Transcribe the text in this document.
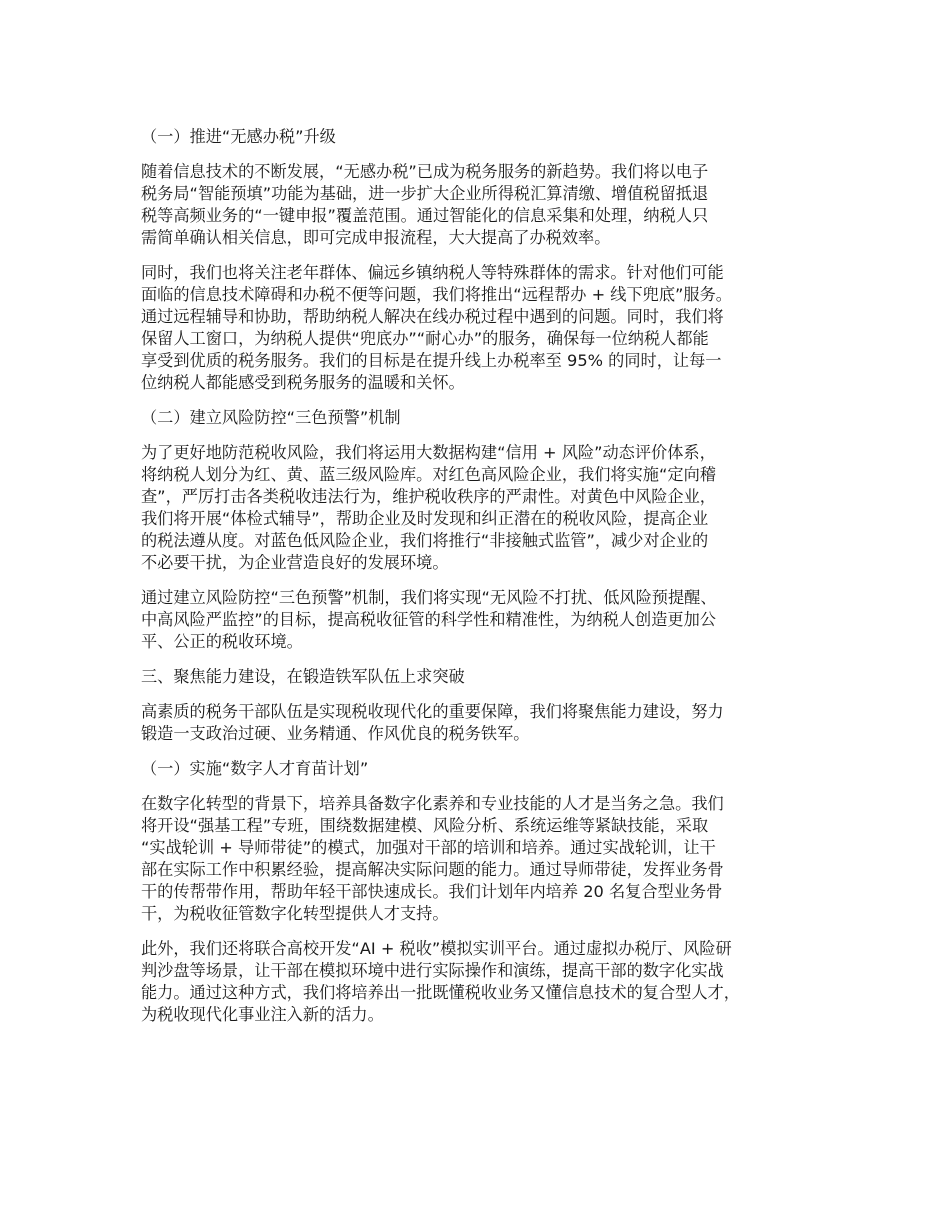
（一）推进“无感办税”升级
随着信息技术的不断发展，“无感办税”已成为税务服务的新趋势。我们将以电子
税务局“智能预填”功能为基础，进一步扩大企业所得税汇算清缴、增值税留抵退
税等高频业务的“一键申报”覆盖范围。通过智能化的信息采集和处理，纳税人只
需简单确认相关信息，即可完成申报流程，大大提高了办税效率。
同时，我们也将关注老年群体、偏远乡镇纳税人等特殊群体的需求。针对他们可能
面临的信息技术障碍和办税不便等问题，我们将推出“远程帮办 + 线下兜底”服务。
通过远程辅导和协助，帮助纳税人解决在线办税过程中遇到的问题。同时，我们将
保留人工窗口，为纳税人提供“兜底办”“耐心办”的服务，确保每一位纳税人都能
享受到优质的税务服务。我们的目标是在提升线上办税率至 95% 的同时，让每一
位纳税人都能感受到税务服务的温暖和关怀。
（二）建立风险防控“三色预警”机制
为了更好地防范税收风险，我们将运用大数据构建“信用 + 风险”动态评价体系，
将纳税人划分为红、黄、蓝三级风险库。对红色高风险企业，我们将实施“定向稽
查”，严厉打击各类税收违法行为，维护税收秩序的严肃性。对黄色中风险企业，
我们将开展“体检式辅导”，帮助企业及时发现和纠正潜在的税收风险，提高企业
的税法遵从度。对蓝色低风险企业，我们将推行“非接触式监管”，减少对企业的
不必要干扰，为企业营造良好的发展环境。
通过建立风险防控“三色预警”机制，我们将实现“无风险不打扰、低风险预提醒、
中高风险严监控”的目标，提高税收征管的科学性和精准性，为纳税人创造更加公
平、公正的税收环境。
三、聚焦能力建设，在锻造铁军队伍上求突破
高素质的税务干部队伍是实现税收现代化的重要保障，我们将聚焦能力建设，努力
锻造一支政治过硬、业务精通、作风优良的税务铁军。
（一）实施“数字人才育苗计划”
在数字化转型的背景下，培养具备数字化素养和专业技能的人才是当务之急。我们
将开设“强基工程”专班，围绕数据建模、风险分析、系统运维等紧缺技能，采取
“实战轮训 + 导师带徒”的模式，加强对干部的培训和培养。通过实战轮训，让干
部在实际工作中积累经验，提高解决实际问题的能力。通过导师带徒，发挥业务骨
干的传帮带作用，帮助年轻干部快速成长。我们计划年内培养 20 名复合型业务骨
干，为税收征管数字化转型提供人才支持。
此外，我们还将联合高校开发“AI + 税收”模拟实训平台。通过虚拟办税厅、风险研
判沙盘等场景，让干部在模拟环境中进行实际操作和演练，提高干部的数字化实战
能力。通过这种方式，我们将培养出一批既懂税收业务又懂信息技术的复合型人才，
为税收现代化事业注入新的活力。
